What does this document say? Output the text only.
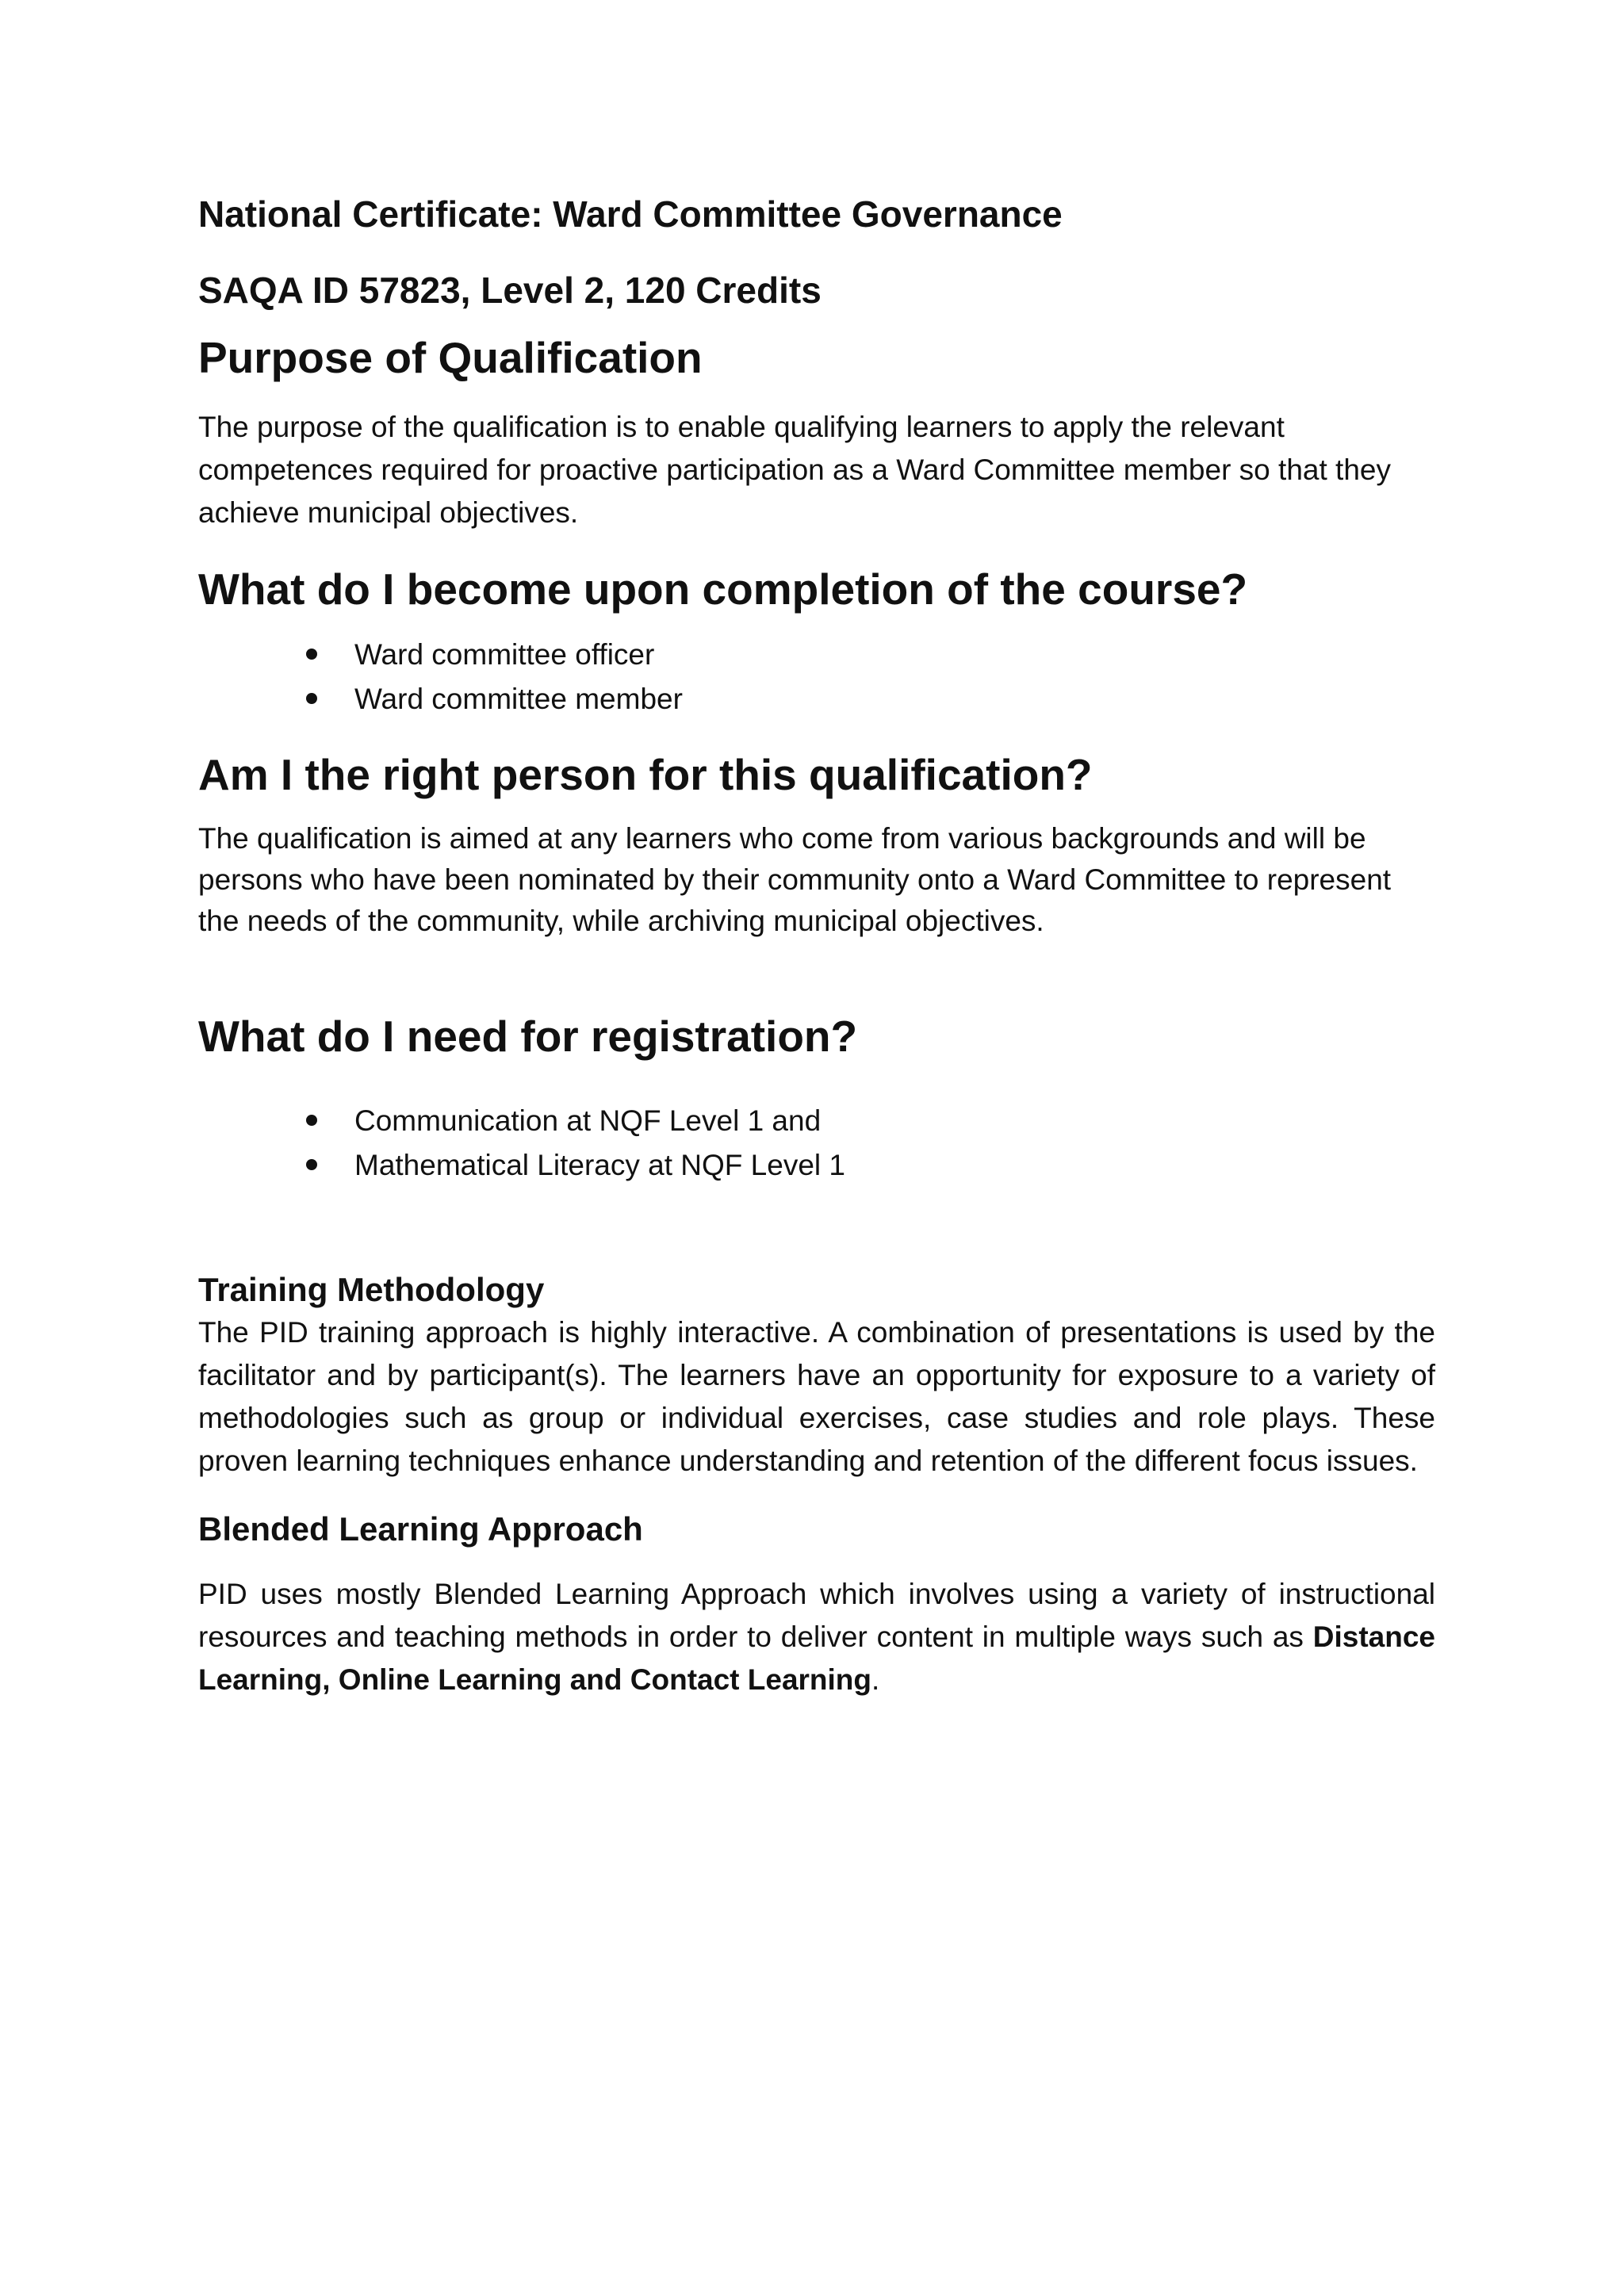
National Certificate: Ward Committee Governance
SAQA ID 57823, Level 2, 120 Credits
Purpose of Qualification

The purpose of the qualification is to enable qualifying learners to apply the relevant competences required for proactive participation as a Ward Committee member so that they achieve municipal objectives.

What do I become upon completion of the course?
Ward committee officer
Ward committee member
Am I the right person for this qualification?

The qualification is aimed at any learners who come from various backgrounds and will be persons who have been nominated by their community onto a Ward Committee to represent the needs of the community, while archiving municipal objectives.

What do I need for registration?
Communication at NQF Level 1 and
Mathematical Literacy at NQF Level 1
Training Methodology

The PID training approach is highly interactive. A combination of presentations is used by the facilitator and by participant(s). The learners have an opportunity for exposure to a variety of methodologies such as group or individual exercises, case studies and role plays. These proven learning techniques enhance understanding and retention of the different focus issues.

Blended Learning Approach

PID uses mostly Blended Learning Approach which involves using a variety of instructional resources and teaching methods in order to deliver content in multiple ways such as Distance Learning, Online Learning and Contact Learning.
